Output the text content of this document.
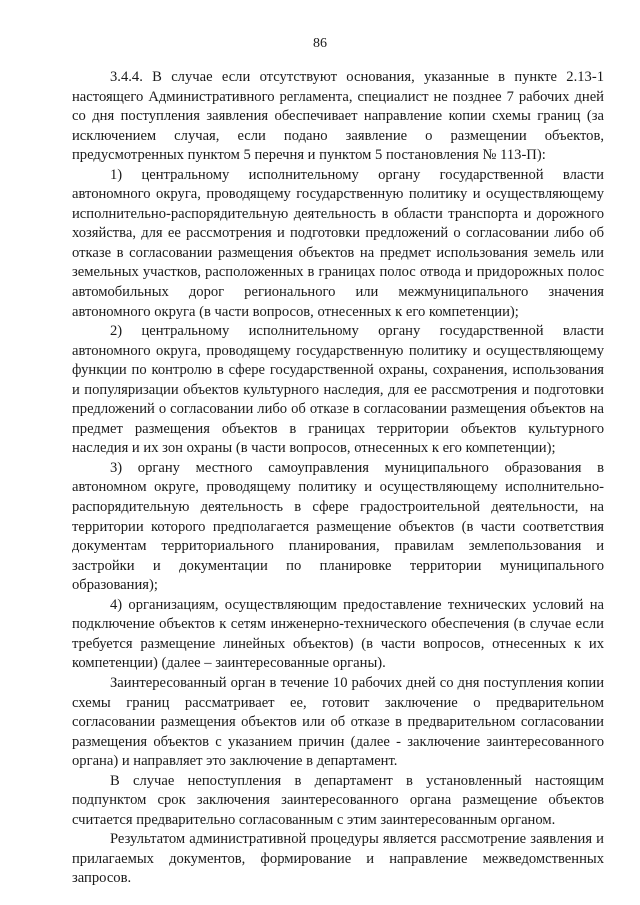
86

3.4.4. В случае если отсутствуют основания, указанные в пункте 2.13-1 настоящего Административного регламента, специалист не позднее 7 рабочих дней со дня поступления заявления обеспечивает направление копии схемы границ (за исключением случая, если подано заявление о размещении объектов, предусмотренных пунктом 5 перечня и пунктом 5 постановления № 113-П):

1) центральному исполнительному органу государственной власти автономного округа, проводящему государственную политику и осуществляющему исполнительно-распорядительную деятельность в области транспорта и дорожного хозяйства, для ее рассмотрения и подготовки предложений о согласовании либо об отказе в согласовании размещения объектов на предмет использования земель или земельных участков, расположенных в границах полос отвода и придорожных полос автомобильных дорог регионального или межмуниципального значения автономного округа (в части вопросов, отнесенных к его компетенции);

2) центральному исполнительному органу государственной власти автономного округа, проводящему государственную политику и осуществляющему функции по контролю в сфере государственной охраны, сохранения, использования и популяризации объектов культурного наследия, для ее рассмотрения и подготовки предложений о согласовании либо об отказе в согласовании размещения объектов на предмет размещения объектов в границах территории объектов культурного наследия и их зон охраны (в части вопросов, отнесенных к его компетенции);

3) органу местного самоуправления муниципального образования в автономном округе, проводящему политику и осуществляющему исполнительно-распорядительную деятельность в сфере градостроительной деятельности, на территории которого предполагается размещение объектов (в части соответствия документам территориального планирования, правилам землепользования и застройки и документации по планировке территории муниципального образования);

4) организациям, осуществляющим предоставление технических условий на подключение объектов к сетям инженерно-технического обеспечения (в случае если требуется размещение линейных объектов) (в части вопросов, отнесенных к их компетенции) (далее – заинтересованные органы).

Заинтересованный орган в течение 10 рабочих дней со дня поступления копии схемы границ рассматривает ее, готовит заключение о предварительном согласовании размещения объектов или об отказе в предварительном согласовании размещения объектов с указанием причин (далее - заключение заинтересованного органа) и направляет это заключение в департамент.

В случае непоступления в департамент в установленный настоящим подпунктом срок заключения заинтересованного органа размещение объектов считается предварительно согласованным с этим заинтересованным органом.

Результатом административной процедуры является рассмотрение заявления и прилагаемых документов, формирование и направление межведомственных запросов.
